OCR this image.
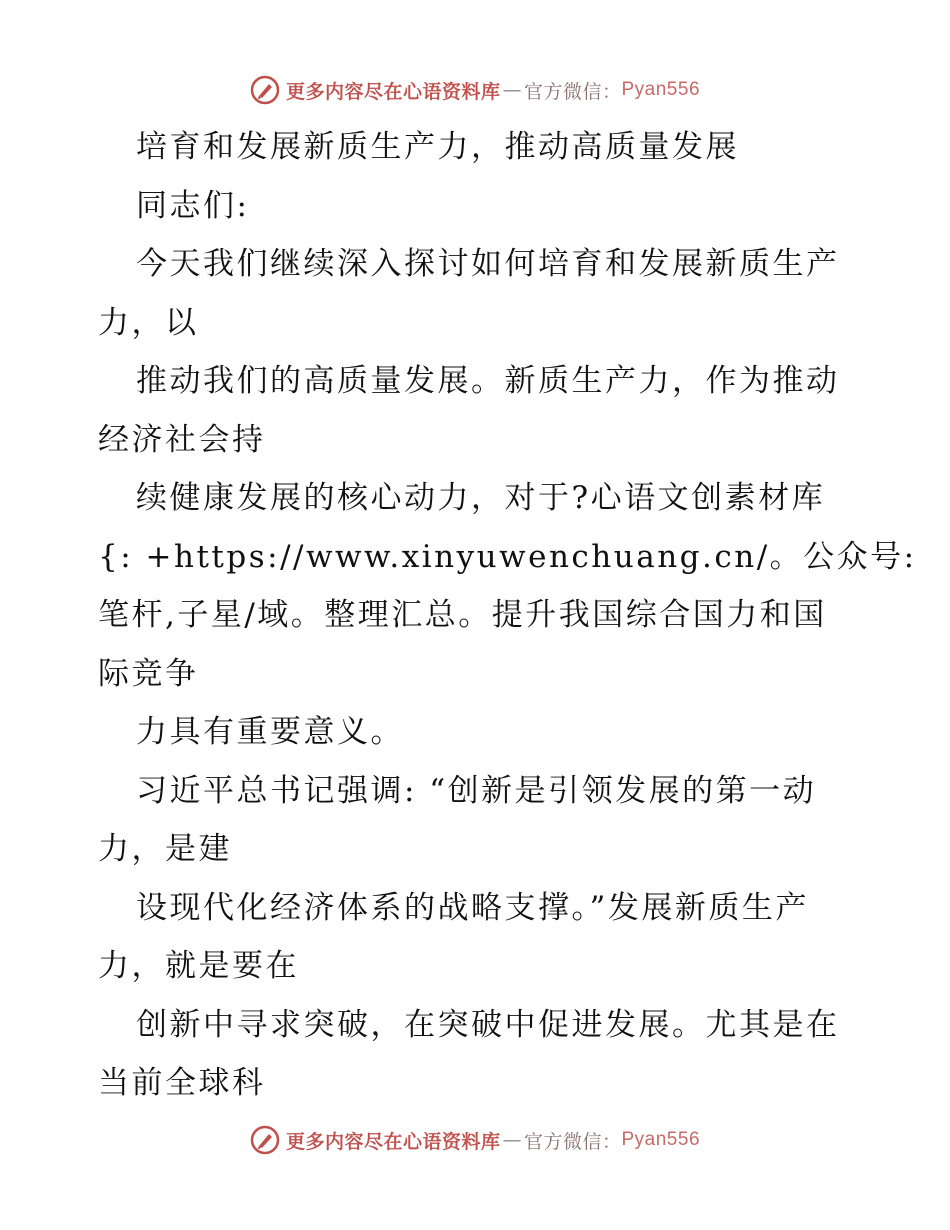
更多内容尽在心语资料库 — 官方微信： Pyan556
培育和发展新质生产力，推动高质量发展
同志们:
今天我们继续深入探讨如何培育和发展新质生产
力，以
推动我们的高质量发展。新质生产力，作为推动
经济社会持
续健康发展的核心动力，对于?心语文创素材库
{: +https://www.xinyuwenchuang.cn/。公众号:
笔杆,子星/域。整理汇总。提升我国综合国力和国
际竞争
力具有重要意义。
习近平总书记强调: “创新是引领发展的第一动
力，是建
设现代化经济体系的战略支撑。”发展新质生产
力，就是要在
创新中寻求突破，在突破中促进发展。尤其是在
当前全球科
更多内容尽在心语资料库 — 官方微信： Pyan556
